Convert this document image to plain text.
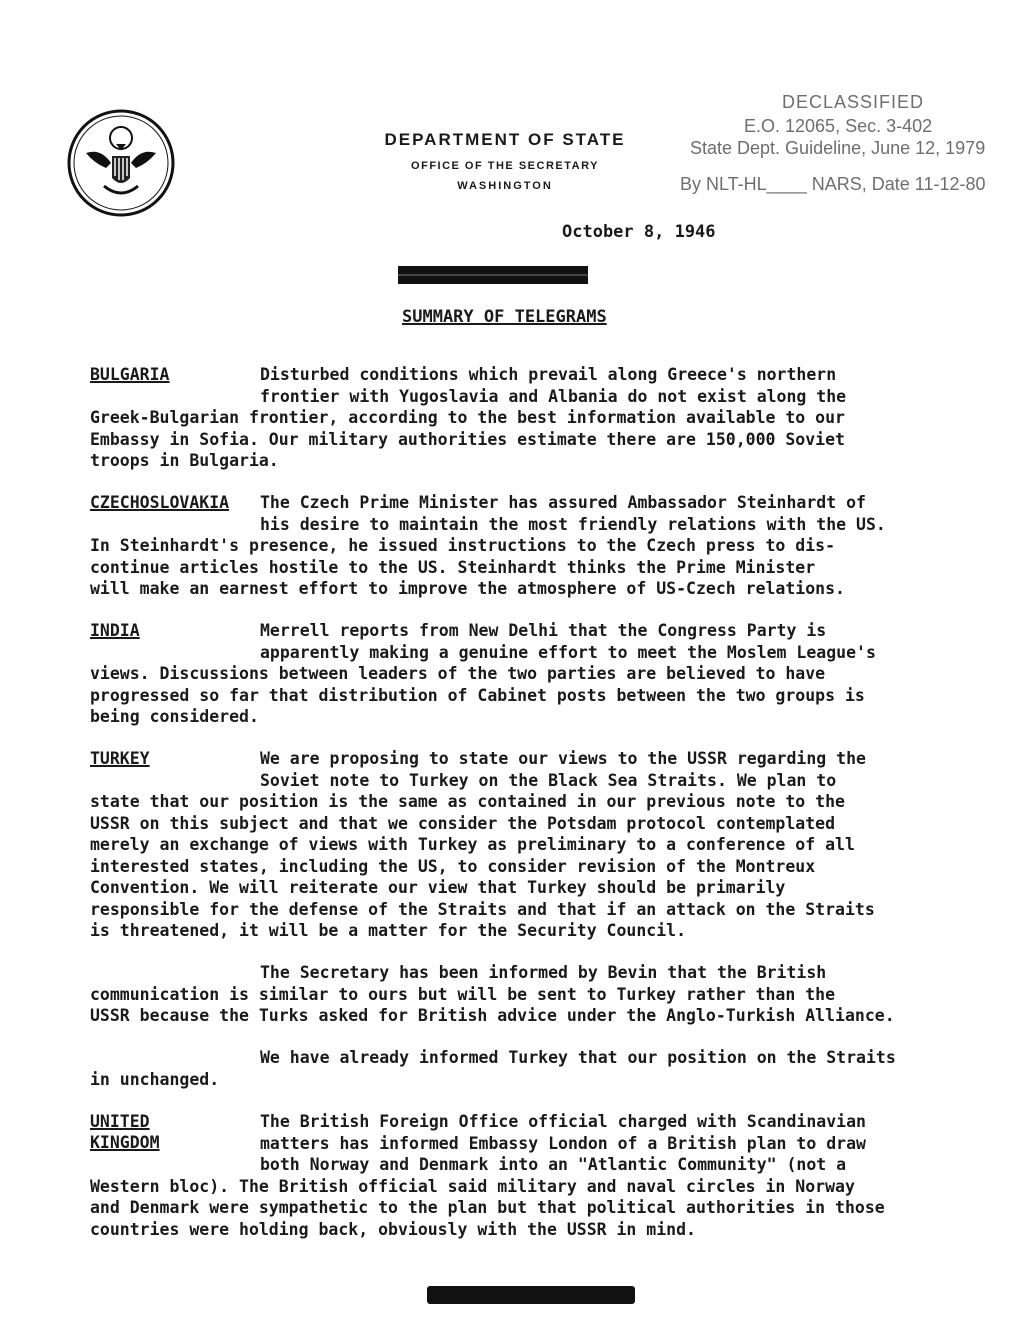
DEPARTMENT OF STATE
OFFICE OF THE SECRETARY
WASHINGTON
DECLASSIFIED
E.O. 12065, Sec. 3-402
State Dept. Guideline, June 12, 1979
By NLT-HL____ NARS, Date 11-12-80
October 8, 1946
SUMMARY OF TELEGRAMS
BULGARIA	Disturbed conditions which prevail along Greece's northern

frontier with Yugoslavia and Albania do not exist along the

Greek-Bulgarian frontier, according to the best information available to our

Embassy in Sofia. Our military authorities estimate there are 150,000 Soviet

troops in Bulgaria.

CZECHOSLOVAKIA	The Czech Prime Minister has assured Ambassador Steinhardt of

his desire to maintain the most friendly relations with the US.

In Steinhardt's presence, he issued instructions to the Czech press to dis-

continue articles hostile to the US. Steinhardt thinks the Prime Minister

will make an earnest effort to improve the atmosphere of US-Czech relations.

INDIA	Merrell reports from New Delhi that the Congress Party is

apparently making a genuine effort to meet the Moslem League's

views. Discussions between leaders of the two parties are believed to have

progressed so far that distribution of Cabinet posts between the two groups is

being considered.

TURKEY	We are proposing to state our views to the USSR regarding the

Soviet note to Turkey on the Black Sea Straits. We plan to

state that our position is the same as contained in our previous note to the

USSR on this subject and that we consider the Potsdam protocol contemplated

merely an exchange of views with Turkey as preliminary to a conference of all

interested states, including the US, to consider revision of the Montreux

Convention. We will reiterate our view that Turkey should be primarily

responsible for the defense of the Straits and that if an attack on the Straits

is threatened, it will be a matter for the Security Council.

The Secretary has been informed by Bevin that the British

communication is similar to ours but will be sent to Turkey rather than the

USSR because the Turks asked for British advice under the Anglo-Turkish Alliance.

We have already informed Turkey that our position on the Straits

in unchanged.

UNITED
KINGDOM

The British Foreign Office official charged with Scandinavian

matters has informed Embassy London of a British plan to draw

both Norway and Denmark into an "Atlantic Community" (not a

Western bloc). The British official said military and naval circles in Norway

and Denmark were sympathetic to the plan but that political authorities in those

countries were holding back, obviously with the USSR in mind.
